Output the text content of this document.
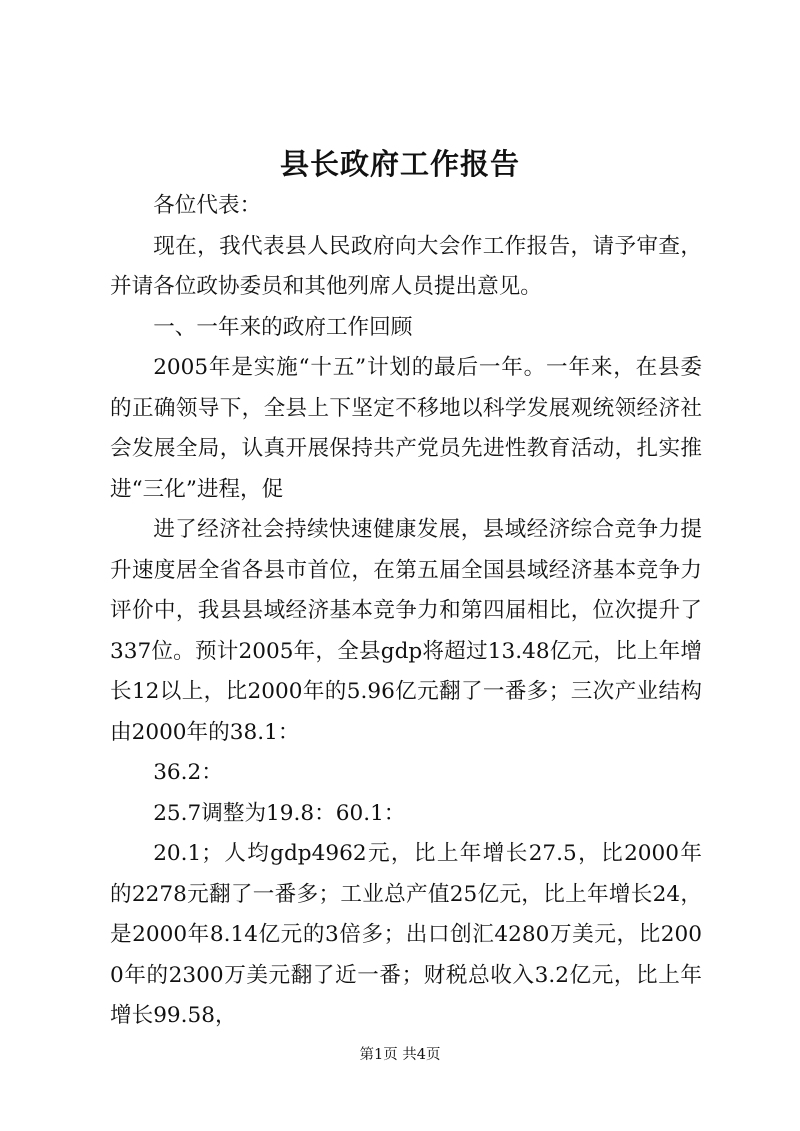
县长政府工作报告

各位代表：

现在，我代表县人民政府向大会作工作报告，请予审查，并请各位政协委员和其他列席人员提出意见。

一、一年来的政府工作回顾

2005年是实施“十五”计划的最后一年。一年来，在县委的正确领导下，全县上下坚定不移地以科学发展观统领经济社会发展全局，认真开展保持共产党员先进性教育活动，扎实推进“三化”进程，促

进了经济社会持续快速健康发展，县域经济综合竞争力提升速度居全省各县市首位，在第五届全国县域经济基本竞争力评价中，我县县域经济基本竞争力和第四届相比，位次提升了337位。预计2005年，全县gdp将超过13.48亿元，比上年增长12以上，比2000年的5.96亿元翻了一番多；三次产业结构由2000年的38.1：

36.2：

25.7调整为19.8：60.1：

20.1；人均gdp4962元，比上年增长27.5，比2000年的2278元翻了一番多；工业总产值25亿元，比上年增长24，是2000年8.14亿元的3倍多；出口创汇4280万美元，比2000年的2300万美元翻了近一番；财税总收入3.2亿元，比上年增长99.58，

第1页 共4页
